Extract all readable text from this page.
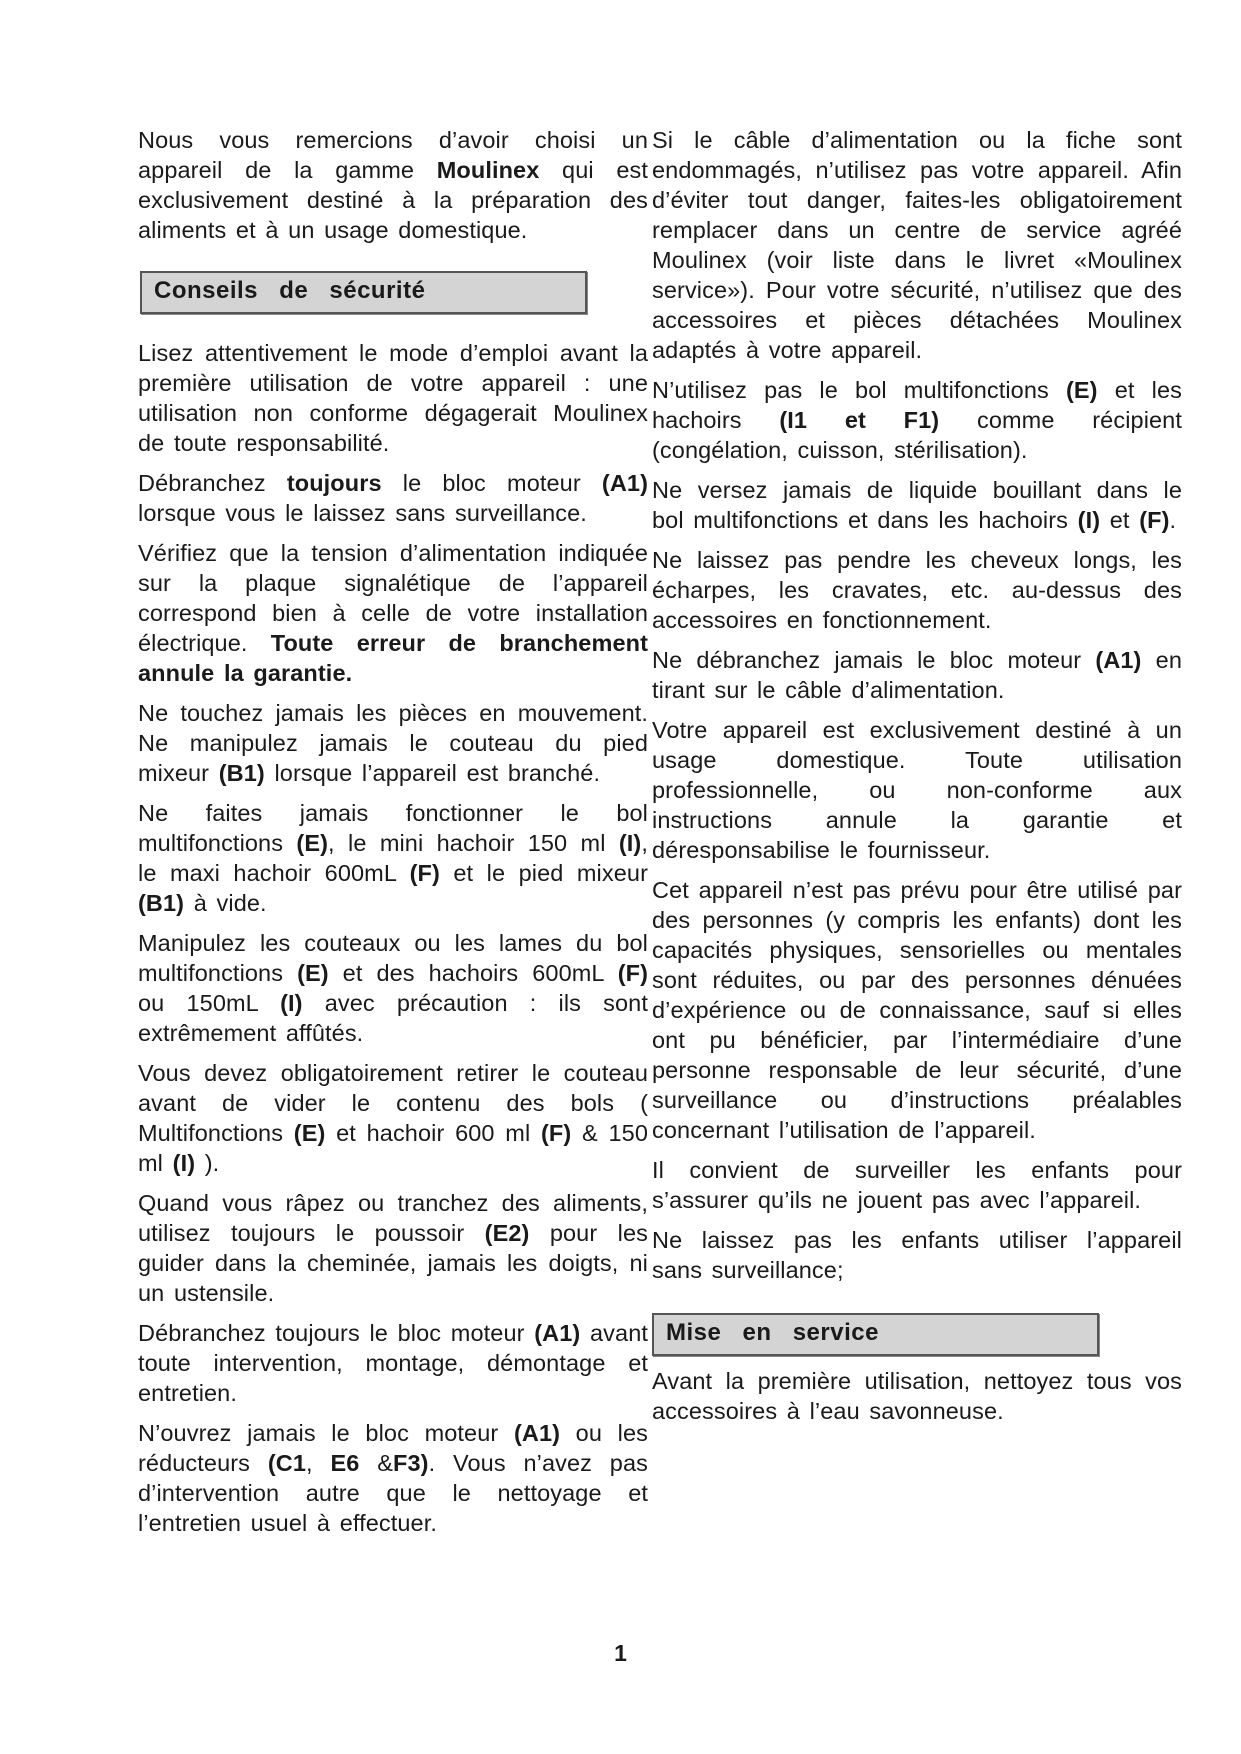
Nous vous remercions d’avoir choisi un appareil de la gamme Moulinex qui est exclusivement destiné à la préparation des aliments et à un usage domestique.

Conseils de sécurité

Lisez attentivement le mode d’emploi avant la première utilisation de votre appareil : une utilisation non conforme dégagerait Moulinex de toute responsabilité.

Débranchez toujours le bloc moteur (A1) lorsque vous le laissez sans surveillance.

Vérifiez que la tension d’alimentation indiquée sur la plaque signalétique de l’appareil correspond bien à celle de votre installation électrique. Toute erreur de branchement annule la garantie.

Ne touchez jamais les pièces en mouvement. Ne manipulez jamais le couteau du pied mixeur (B1) lorsque l’appareil est branché.

Ne faites jamais fonctionner le bol multifonctions (E), le mini hachoir 150 ml (I), le maxi hachoir 600mL (F) et le pied mixeur (B1) à vide.

Manipulez les couteaux ou les lames du bol multifonctions (E) et des hachoirs 600mL (F) ou 150mL (I) avec précaution : ils sont extrêmement affûtés.

Vous devez obligatoirement retirer le couteau avant de vider le contenu des bols ( Multifonctions (E) et hachoir 600 ml (F) & 150 ml (I) ).

Quand vous râpez ou tranchez des aliments, utilisez toujours le poussoir (E2) pour les guider dans la cheminée, jamais les doigts, ni un ustensile.

Débranchez toujours le bloc moteur (A1) avant toute intervention, montage, démontage et entretien.

N’ouvrez jamais le bloc moteur (A1) ou les réducteurs (C1, E6 &F3). Vous n’avez pas d’intervention autre que le nettoyage et l’entretien usuel à effectuer.

Si le câble d’alimentation ou la fiche sont endommagés, n’utilisez pas votre appareil. Afin d’éviter tout danger, faites-les obligatoirement remplacer dans un centre de service agréé Moulinex (voir liste dans le livret «Moulinex service»). Pour votre sécurité, n’utilisez que des accessoires et pièces détachées Moulinex adaptés à votre appareil.

N’utilisez pas le bol multifonctions (E) et les hachoirs (I1 et F1) comme récipient (congélation, cuisson, stérilisation).

Ne versez jamais de liquide bouillant dans le bol multifonctions et dans les hachoirs (I) et (F).

Ne laissez pas pendre les cheveux longs, les écharpes, les cravates, etc. au-dessus des accessoires en fonctionnement.

Ne débranchez jamais le bloc moteur (A1) en tirant sur le câble d’alimentation.

Votre appareil est exclusivement destiné à un usage domestique. Toute utilisation professionnelle, ou non-conforme aux instructions annule la garantie et déresponsabilise le fournisseur.

Cet appareil n’est pas prévu pour être utilisé par des personnes (y compris les enfants) dont les capacités physiques, sensorielles ou mentales sont réduites, ou par des personnes dénuées d’expérience ou de connaissance, sauf si elles ont pu bénéficier, par l’intermédiaire d’une personne responsable de leur sécurité, d’une surveillance ou d’instructions préalables concernant l’utilisation de l’appareil.

Il convient de surveiller les enfants pour s’assurer qu’ils ne jouent pas avec l’appareil.

Ne laissez pas les enfants utiliser l’appareil sans surveillance;

Mise en service

Avant la première utilisation, nettoyez tous vos accessoires à l’eau savonneuse.

1
